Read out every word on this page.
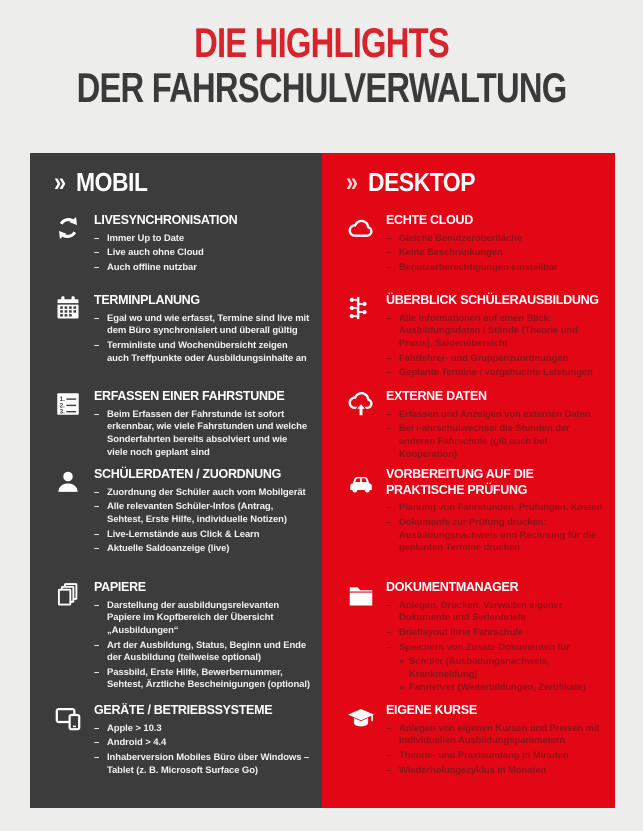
DIE HIGHLIGHTS
DER FAHRSCHULVERWALTUNG
» MOBIL
LIVESYNCHRONISATION
– Immer Up to Date
– Live auch ohne Cloud
– Auch offline nutzbar
TERMINPLANUNG
– Egal wo und wie erfasst, Termine sind live mit dem Büro synchronisiert und überall gültig
– Terminliste und Wochenübersicht zeigen auch Treffpunkte oder Ausbildungsinhalte an
1.
2.
3.
ERFASSEN EINER FAHRSTUNDE
– Beim Erfassen der Fahrstunde ist sofort erkennbar, wie viele Fahrstunden und welche Sonderfahrten bereits absolviert und wie viele noch geplant sind
SCHÜLERDATEN / ZUORDNUNG
– Zuordnung der Schüler auch vom Mobilgerät
– Alle relevanten Schüler-Infos (Antrag, Sehtest, Erste Hilfe, individuelle Notizen)
– Live-Lernstände aus Click & Learn
– Aktuelle Saldoanzeige (live)
PAPIERE
– Darstellung der ausbildungsrelevanten Papiere im Kopfbereich der Übersicht „Ausbildungen“
– Art der Ausbildung, Status, Beginn und Ende der Ausbildung (teilweise optional)
– Passbild, Erste Hilfe, Bewerbernummer, Sehtest, Ärztliche Bescheinigungen (optional)
GERÄTE / BETRIEBSSYSTEME
– Apple > 10.3
– Android > 4.4
– Inhaberversion Mobiles Büro über Windows – Tablet (z. B. Microsoft Surface Go)
» DESKTOP
ECHTE CLOUD
– Gleiche Benutzeroberfläche
– Keine Beschränkungen
– Benutzerberechtigungen einstellbar
ÜBERBLICK SCHÜLERAUSBILDUNG
– Alle Informationen auf einen Blick: Ausbildungsdaten / Stände (Theorie und Praxis), Saldenübersicht
– Fahrlehrer- und Gruppenzuordnungen
– Geplante Termine / vorgebuchte Leistungen
EXTERNE DATEN
– Erfassen und Anzeigen von externen Daten
– Bei Fahrschulwechsel die Stunden der anderen Fahrschule (gilt auch bei Kooperation)
VORBEREITUNG AUF DIE PRAKTISCHE PRÜFUNG
– Planung von Fahrstunden, Prüfungen, Kosten
– Dokumente zur Prüfung drucken: Ausbildungsnachweis und Rechnung für die geplanten Termine drucken
DOKUMENTMANAGER
– Anlegen, Drucken, Verwalten eigener Dokumente und Serienbriefe
– Brieflayout Ihrer Fahrschule
– Speichern von Zusatz-Dokumenten für
» Schüler (Ausbildungsnachweis, Krankmeldung)
» Fahrlehrer (Weiterbildungen, Zertifikate)
EIGENE KURSE
– Anlegen von eigenen Kursen und Preisen mit individuellen Ausbildungsparametern
– Theorie- und Praxisumfang in Minuten
– Wiederholungszyklus in Monaten
